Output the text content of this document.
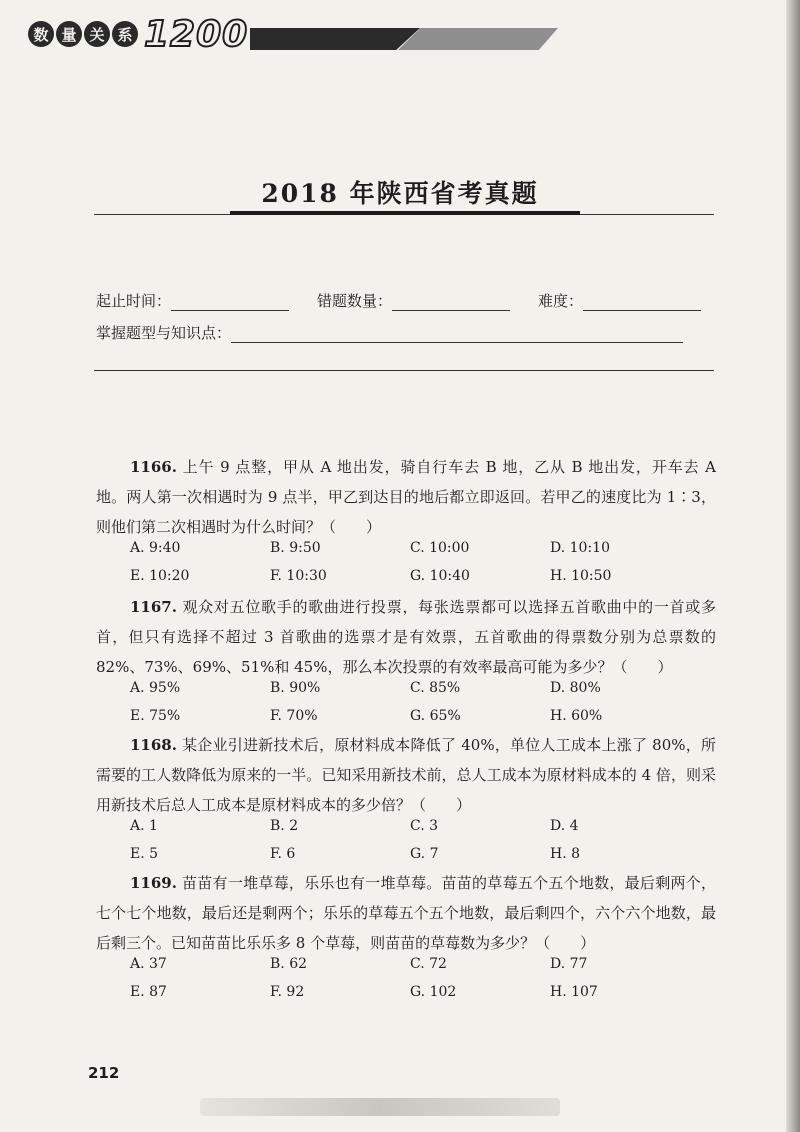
数 量 关 系 1200
2018 年陕西省考真题
起止时间：	错题数量：	难度：
掌握题型与知识点：
1166. 上午 9 点整，甲从 A 地出发，骑自行车去 B 地，乙从 B 地出发，开车去 A 地。两人第一次相遇时为 9 点半，甲乙到达目的地后都立即返回。若甲乙的速度比为 1∶3，则他们第二次相遇时为什么时间？（　　）
A. 9:40	B. 9:50	C. 10:00	D. 10:10
E. 10:20	F. 10:30	G. 10:40	H. 10:50
1167. 观众对五位歌手的歌曲进行投票，每张选票都可以选择五首歌曲中的一首或多首，但只有选择不超过 3 首歌曲的选票才是有效票，五首歌曲的得票数分别为总票数的 82%、73%、69%、51%和 45%，那么本次投票的有效率最高可能为多少？（　　）
A. 95%	B. 90%	C. 85%	D. 80%
E. 75%	F. 70%	G. 65%	H. 60%
1168. 某企业引进新技术后，原材料成本降低了 40%，单位人工成本上涨了 80%，所需要的工人数降低为原来的一半。已知采用新技术前，总人工成本为原材料成本的 4 倍，则采用新技术后总人工成本是原材料成本的多少倍？（　　）
A. 1	B. 2	C. 3	D. 4
E. 5	F. 6	G. 7	H. 8
1169. 苗苗有一堆草莓，乐乐也有一堆草莓。苗苗的草莓五个五个地数，最后剩两个，七个七个地数，最后还是剩两个；乐乐的草莓五个五个地数，最后剩四个，六个六个地数，最后剩三个。已知苗苗比乐乐多 8 个草莓，则苗苗的草莓数为多少？（　　）
A. 37	B. 62	C. 72	D. 77
E. 87	F. 92	G. 102	H. 107
212
